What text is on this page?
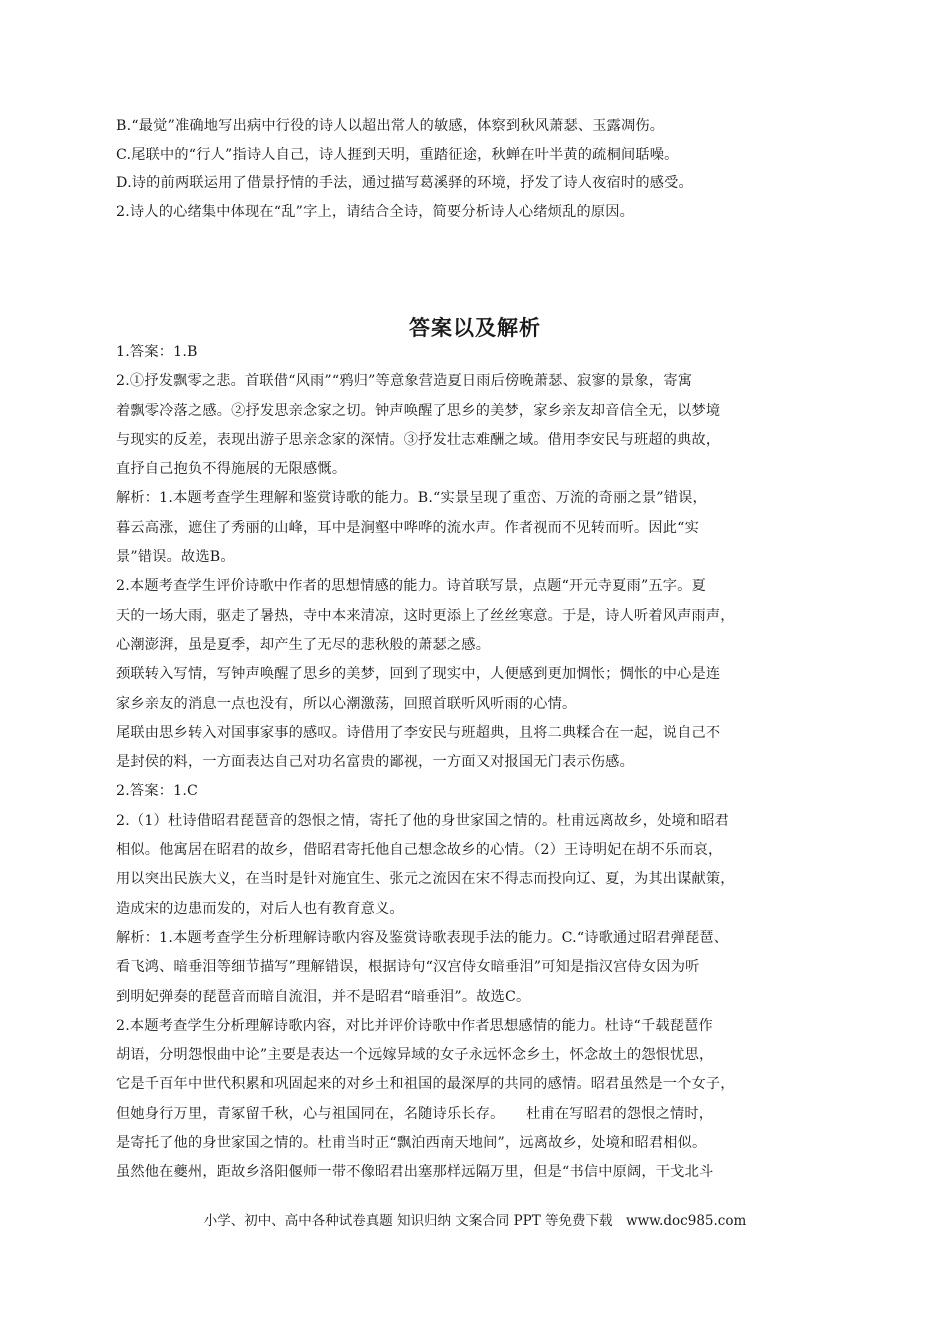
B.“最觉”准确地写出病中行役的诗人以超出常人的敏感，体察到秋风萧瑟、玉露凋伤。

C.尾联中的“行人”指诗人自己，诗人捱到天明，重踏征途，秋蝉在叶半黄的疏桐间聒噪。

D.诗的前两联运用了借景抒情的手法，通过描写葛溪驿的环境，抒发了诗人夜宿时的感受。

2.诗人的心绪集中体现在“乱”字上，请结合全诗，简要分析诗人心绪烦乱的原因。

答案以及解析

1.答案：1.B

2.①抒发飘零之悲。首联借“风雨”“鸦归”等意象营造夏日雨后傍晚萧瑟、寂寥的景象，寄寓

着飘零冷落之感。②抒发思亲念家之切。钟声唤醒了思乡的美梦，家乡亲友却音信全无，以梦境

与现实的反差，表现出游子思亲念家的深情。③抒发壮志难酬之域。借用李安民与班超的典故，

直抒自己抱负不得施展的无限感慨。

解析：1.本题考查学生理解和鉴赏诗歌的能力。B.“实景呈现了重峦、万流的奇丽之景”错误，

暮云高涨，遮住了秀丽的山峰，耳中是涧壑中哗哗的流水声。作者视而不见转而听。因此“实

景”错误。故选B。

2.本题考查学生评价诗歌中作者的思想情感的能力。诗首联写景，点题“开元寺夏雨”五字。夏

天的一场大雨，驱走了暑热，寺中本来清凉，这时更添上了丝丝寒意。于是，诗人听着风声雨声，

心潮澎湃，虽是夏季，却产生了无尽的悲秋般的萧瑟之感。

颈联转入写情，写钟声唤醒了思乡的美梦，回到了现实中，人便感到更加惆怅；惆怅的中心是连

家乡亲友的消息一点也没有，所以心潮激荡，回照首联听风听雨的心情。

尾联由思乡转入对国事家事的感叹。诗借用了李安民与班超典，且将二典糅合在一起，说自己不

是封侯的料，一方面表达自己对功名富贵的鄙视，一方面又对报国无门表示伤感。

2.答案：1.C

2.（1）杜诗借昭君琵琶音的怨恨之情，寄托了他的身世家国之情的。杜甫远离故乡，处境和昭君

相似。他寓居在昭君的故乡，借昭君寄托他自己想念故乡的心情。（2）王诗明妃在胡不乐而哀，

用以突出民族大义，在当时是针对施宜生、张元之流因在宋不得志而投向辽、夏，为其出谋献策，

造成宋的边患而发的，对后人也有教育意义。

解析：1.本题考查学生分析理解诗歌内容及鉴赏诗歌表现手法的能力。C.“诗歌通过昭君弹琵琶、

看飞鸿、暗垂泪等细节描写”理解错误，根据诗句“汉宫侍女暗垂泪”可知是指汉宫侍女因为听

到明妃弹奏的琵琶音而暗自流泪，并不是昭君“暗垂泪”。故选C。

2.本题考查学生分析理解诗歌内容，对比并评价诗歌中作者思想感情的能力。杜诗“千载琵琶作

胡语，分明怨恨曲中论”主要是表达一个远嫁异域的女子永远怀念乡土，怀念故土的怨恨忧思，

它是千百年中世代积累和巩固起来的对乡土和祖国的最深厚的共同的感情。昭君虽然是一个女子，

但她身行万里，青冢留千秋，心与祖国同在，名随诗乐长存。　　杜甫在写昭君的怨恨之情时，

是寄托了他的身世家国之情的。杜甫当时正“飘泊西南天地间”，远离故乡，处境和昭君相似。

虽然他在夔州，距故乡洛阳偃师一带不像昭君出塞那样远隔万里，但是“书信中原阔，干戈北斗

小学、初中、高中各种试卷真题 知识归纳 文案合同 PPT 等免费下载　www.doc985.com
